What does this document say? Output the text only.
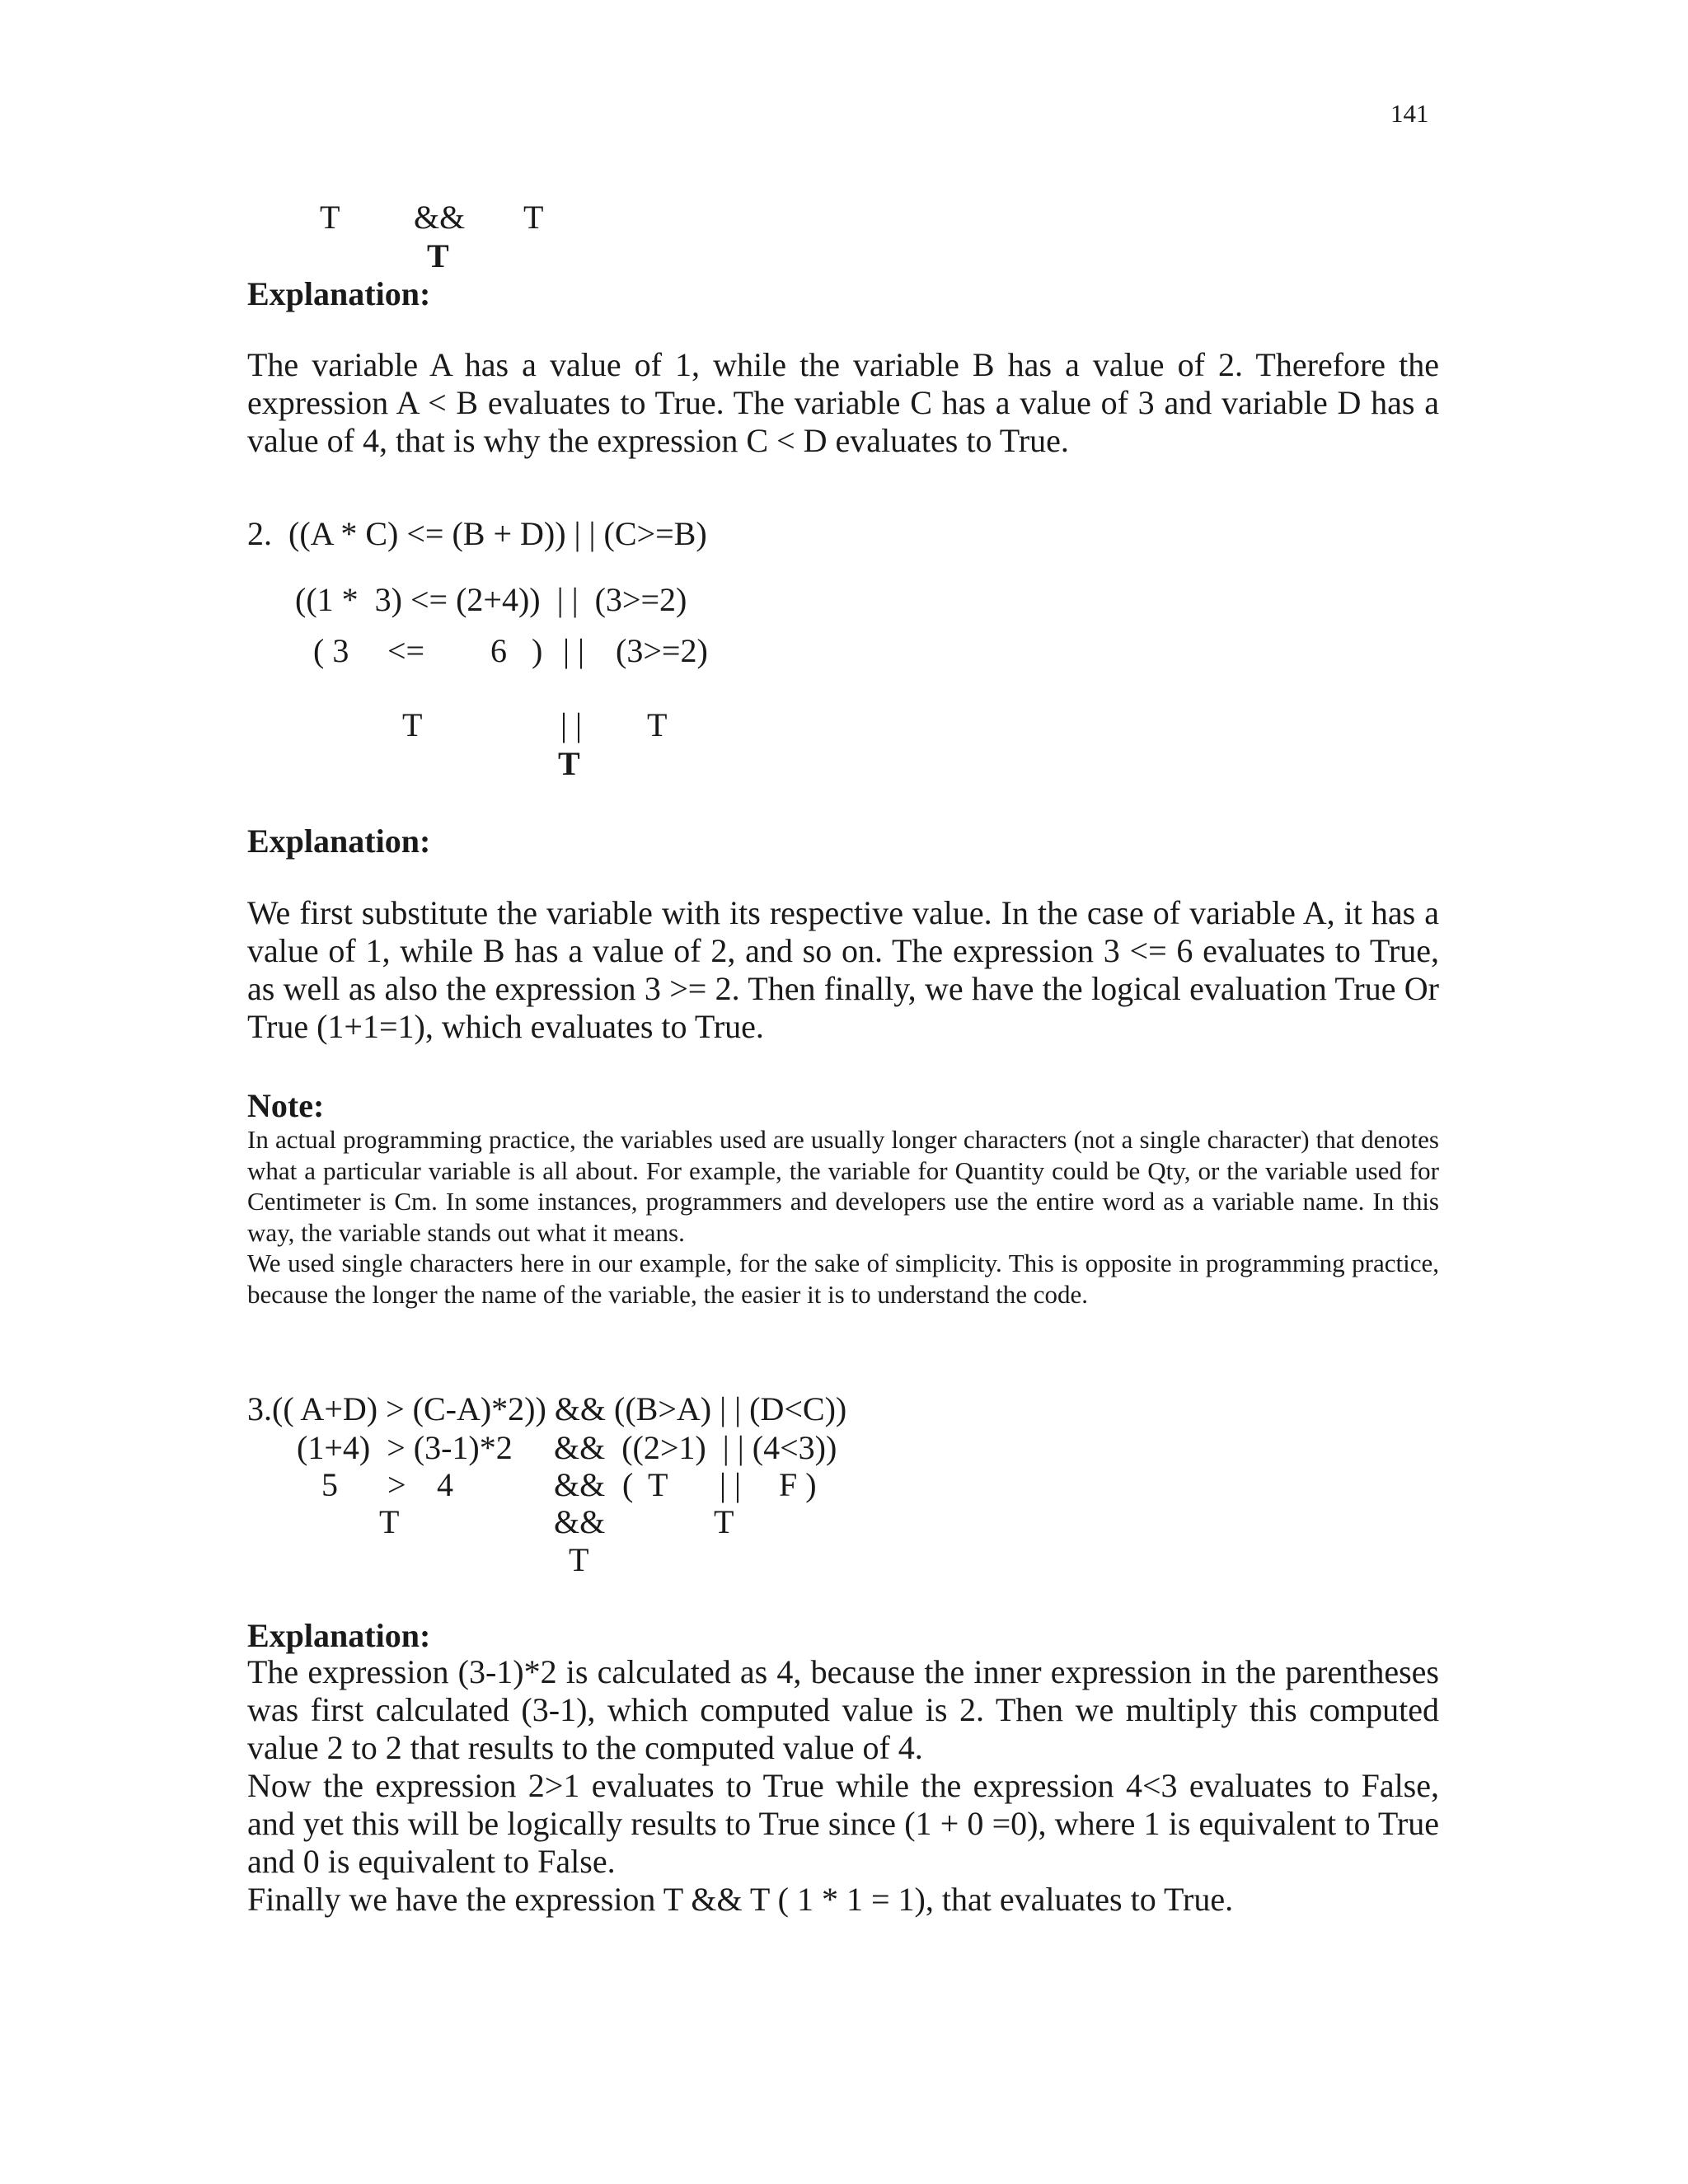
141
T && T
T
Explanation:

The variable A has a value of 1, while the variable B has a value of 2. Therefore the expression A < B evaluates to True. The variable C has a value of 3 and variable D has a value of 4, that is why the expression C < D evaluates to True.

2.  ((A * C) <= (B + D)) | | (C>=B)
((1 *  3) <= (2+4))  | |  (3>=2)
( 3 <= 6 ) | | (3>=2)
T	| | T
T
Explanation:

We first substitute the variable with its respective value. In the case of variable A, it has a value of 1, while B has a value of 2, and so on. The expression 3 <= 6 evaluates to True, as well as also the expression 3 >= 2. Then finally, we have the logical evaluation True Or True (1+1=1), which evaluates to True.

Note:

In actual programming practice, the variables used are usually longer characters (not a single character) that denotes what a particular variable is all about. For example, the variable for Quantity could be Qty, or the variable used for Centimeter is Cm. In some instances, programmers and developers use the entire word as a variable name. In this way, the variable stands out what it means.

We used single characters here in our example, for the sake of simplicity. This is opposite in programming practice, because the longer the name of the variable, the easier it is to understand the code.

3.(( A+D) > (C-A)*2)) && ((B>A) | | (D<C))
(1+4)  > (3-1)*2 &&  ((2>1)  | | (4<3))
5 > 4	&& ( T | | F )
T	&&	T
T
Explanation:

The expression (3-1)*2 is calculated as 4, because the inner expression in the parentheses was first calculated (3-1), which computed value is 2. Then we multiply this computed value 2 to 2 that results to the computed value of 4.

Now the expression 2>1 evaluates to True while the expression 4<3 evaluates to False, and yet this will be logically results to True since (1 + 0 =0), where 1 is equivalent to True and 0 is equivalent to False.

Finally we have the expression T && T ( 1 * 1 = 1), that evaluates to True.
